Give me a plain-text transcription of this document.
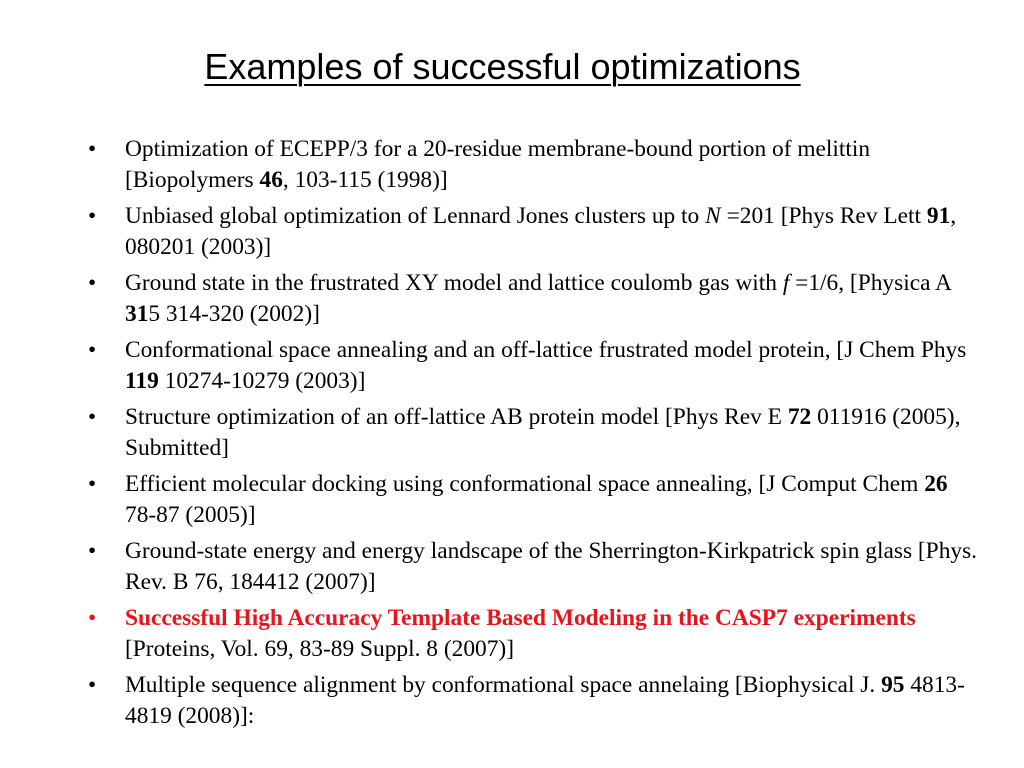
Examples of successful optimizations
• Optimization of ECEPP/3 for a 20-residue membrane-bound portion of melittin [Biopolymers 46, 103-115 (1998)]
• Unbiased global optimization of Lennard Jones clusters up to N =201 [Phys Rev Lett 91, 080201 (2003)]
• Ground state in the frustrated XY model and lattice coulomb gas with f =1/6, [Physica A 315 314-320 (2002)]
• Conformational space annealing and an off-lattice frustrated model protein, [J Chem Phys 119 10274-10279 (2003)]
• Structure optimization of an off-lattice AB protein model [Phys Rev E 72 011916 (2005), Submitted]
• Efficient molecular docking using conformational space annealing, [J Comput Chem 26 78-87 (2005)]
• Ground-state energy and energy landscape of the Sherrington-Kirkpatrick spin glass [Phys. Rev. B 76, 184412 (2007)]
• Successful High Accuracy Template Based Modeling in the CASP7 experiments [Proteins, Vol. 69, 83-89 Suppl. 8 (2007)]
• Multiple sequence alignment by conformational space annelaing [Biophysical J. 95 4813-4819 (2008)]:
